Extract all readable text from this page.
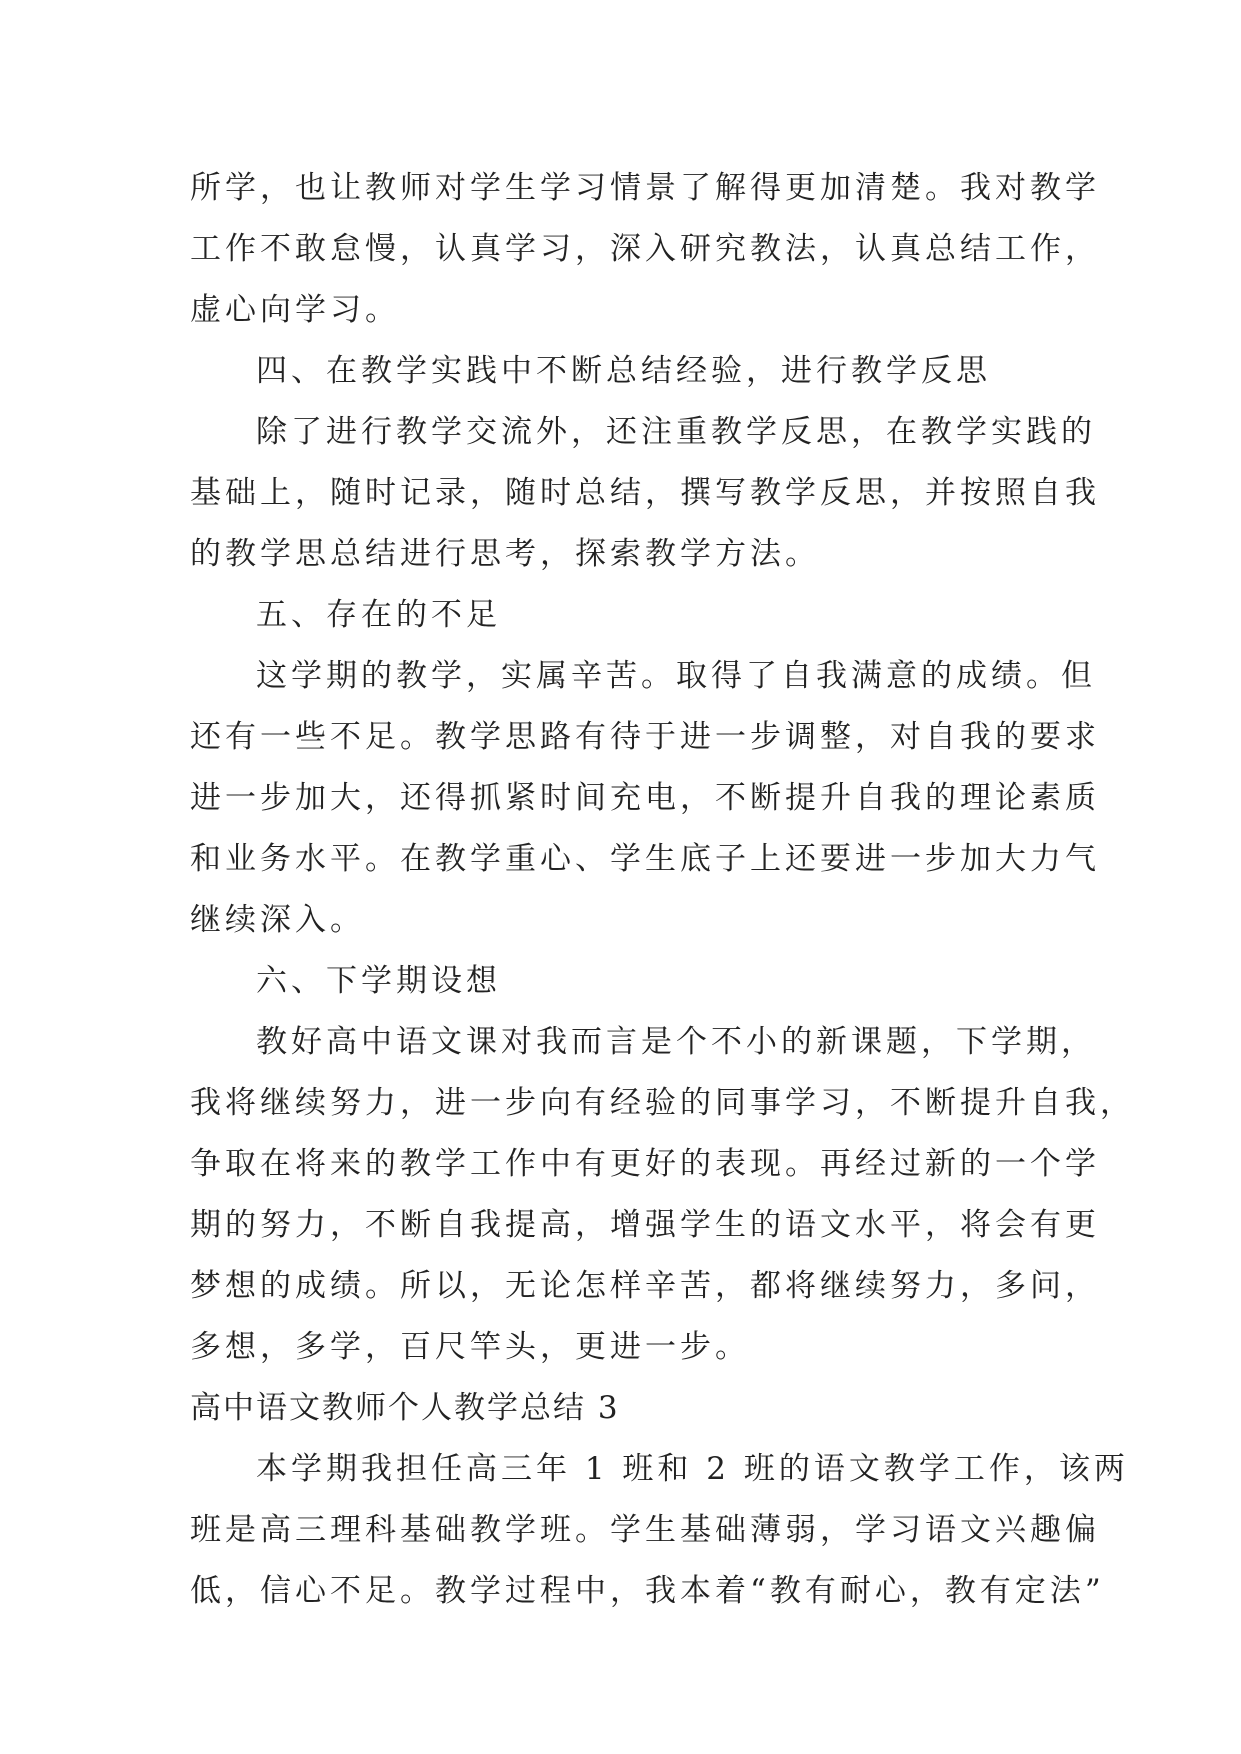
所学，也让教师对学生学习情景了解得更加清楚。我对教学
工作不敢怠慢，认真学习，深入研究教法，认真总结工作，
虚心向学习。
四、在教学实践中不断总结经验，进行教学反思
除了进行教学交流外，还注重教学反思，在教学实践的
基础上，随时记录，随时总结，撰写教学反思，并按照自我
的教学思总结进行思考，探索教学方法。
五、存在的不足
这学期的教学，实属辛苦。取得了自我满意的成绩。但
还有一些不足。教学思路有待于进一步调整，对自我的要求
进一步加大，还得抓紧时间充电，不断提升自我的理论素质
和业务水平。在教学重心、学生底子上还要进一步加大力气
继续深入。
六、下学期设想
教好高中语文课对我而言是个不小的新课题，下学期，
我将继续努力，进一步向有经验的同事学习，不断提升自我，
争取在将来的教学工作中有更好的表现。再经过新的一个学
期的努力，不断自我提高，增强学生的语文水平，将会有更
梦想的成绩。所以，无论怎样辛苦，都将继续努力，多问，
多想，多学，百尺竿头，更进一步。
高中语文教师个人教学总结 3
本学期我担任高三年 1 班和 2 班的语文教学工作，该两
班是高三理科基础教学班。学生基础薄弱，学习语文兴趣偏
低，信心不足。教学过程中，我本着“教有耐心，教有定法”
